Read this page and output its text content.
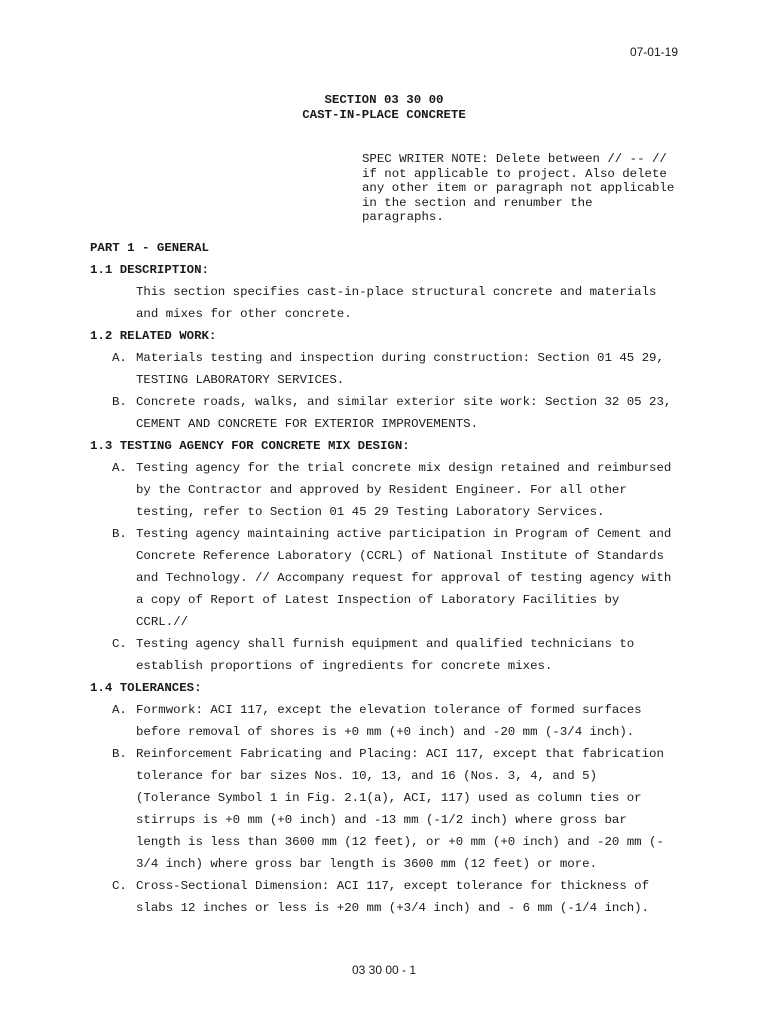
07-01-19
SECTION 03 30 00
CAST-IN-PLACE CONCRETE
SPEC WRITER NOTE: Delete between // -- //
if not applicable to project. Also delete
any other item or paragraph not applicable
in the section and renumber the
paragraphs.
PART 1 - GENERAL
1.1 DESCRIPTION:
This section specifies cast-in-place structural concrete and materials
and mixes for other concrete.
1.2 RELATED WORK:
A. Materials testing and inspection during construction: Section 01 45 29,
TESTING LABORATORY SERVICES.
B. Concrete roads, walks, and similar exterior site work: Section 32 05 23,
CEMENT AND CONCRETE FOR EXTERIOR IMPROVEMENTS.
1.3 TESTING AGENCY FOR CONCRETE MIX DESIGN:
A. Testing agency for the trial concrete mix design retained and reimbursed
by the Contractor and approved by Resident Engineer. For all other
testing, refer to Section 01 45 29 Testing Laboratory Services.
B. Testing agency maintaining active participation in Program of Cement and
Concrete Reference Laboratory (CCRL) of National Institute of Standards
and Technology. // Accompany request for approval of testing agency with
a copy of Report of Latest Inspection of Laboratory Facilities by
CCRL.//
C. Testing agency shall furnish equipment and qualified technicians to
establish proportions of ingredients for concrete mixes.
1.4 TOLERANCES:
A. Formwork: ACI 117, except the elevation tolerance of formed surfaces
before removal of shores is +0 mm (+0 inch) and -20 mm (-3/4 inch).
B. Reinforcement Fabricating and Placing: ACI 117, except that fabrication
tolerance for bar sizes Nos. 10, 13, and 16 (Nos. 3, 4, and 5)
(Tolerance Symbol 1 in Fig. 2.1(a), ACI, 117) used as column ties or
stirrups is +0 mm (+0 inch) and -13 mm (-1/2 inch) where gross bar
length is less than 3600 mm (12 feet), or +0 mm (+0 inch) and -20 mm (-
3/4 inch) where gross bar length is 3600 mm (12 feet) or more.
C. Cross-Sectional Dimension: ACI 117, except tolerance for thickness of
slabs 12 inches or less is +20 mm (+3/4 inch) and - 6 mm (-1/4 inch).
03 30 00 - 1
